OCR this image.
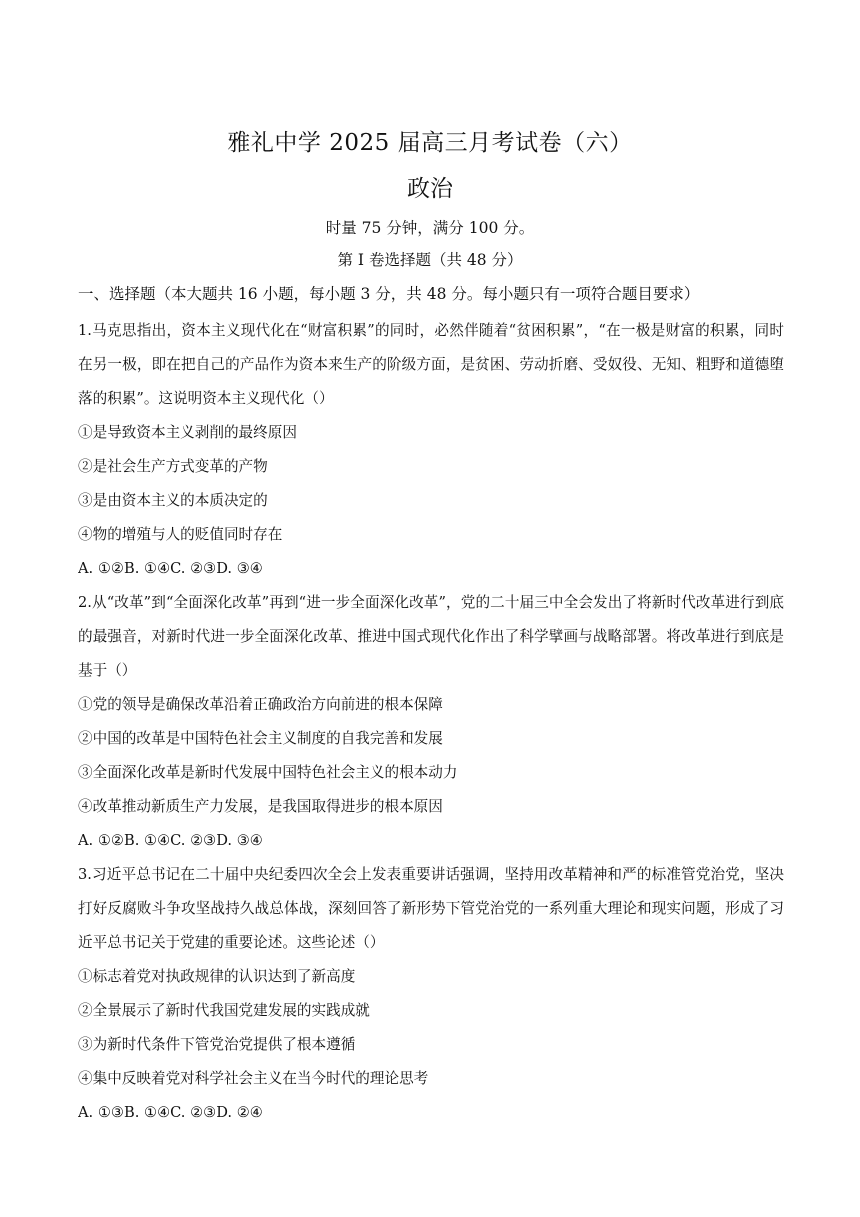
雅礼中学 2025 届高三月考试卷（六）
政治
时量 75 分钟，满分 100 分。
第 I 卷选择题（共 48 分）
一、选择题（本大题共 16 小题，每小题 3 分，共 48 分。每小题只有一项符合题目要求）
1.马克思指出，资本主义现代化在“财富积累”的同时，必然伴随着“贫困积累”，“在一极是财富的积累，同时在另一极，即在把自己的产品作为资本来生产的阶级方面，是贫困、劳动折磨、受奴役、无知、粗野和道德堕落的积累”。这说明资本主义现代化（）
①是导致资本主义剥削的最终原因
②是社会生产方式变革的产物
③是由资本主义的本质决定的
④物的增殖与人的贬值同时存在
A. ①②B. ①④C. ②③D. ③④
2.从“改革”到“全面深化改革”再到“进一步全面深化改革”，党的二十届三中全会发出了将新时代改革进行到底的最强音，对新时代进一步全面深化改革、推进中国式现代化作出了科学擘画与战略部署。将改革进行到底是基于（）
①党的领导是确保改革沿着正确政治方向前进的根本保障
②中国的改革是中国特色社会主义制度的自我完善和发展
③全面深化改革是新时代发展中国特色社会主义的根本动力
④改革推动新质生产力发展，是我国取得进步的根本原因
A. ①②B. ①④C. ②③D. ③④
3.习近平总书记在二十届中央纪委四次全会上发表重要讲话强调，坚持用改革精神和严的标准管党治党，坚决打好反腐败斗争攻坚战持久战总体战，深刻回答了新形势下管党治党的一系列重大理论和现实问题，形成了习近平总书记关于党建的重要论述。这些论述（）
①标志着党对执政规律的认识达到了新高度
②全景展示了新时代我国党建发展的实践成就
③为新时代条件下管党治党提供了根本遵循
④集中反映着党对科学社会主义在当今时代的理论思考
A. ①③B. ①④C. ②③D. ②④
